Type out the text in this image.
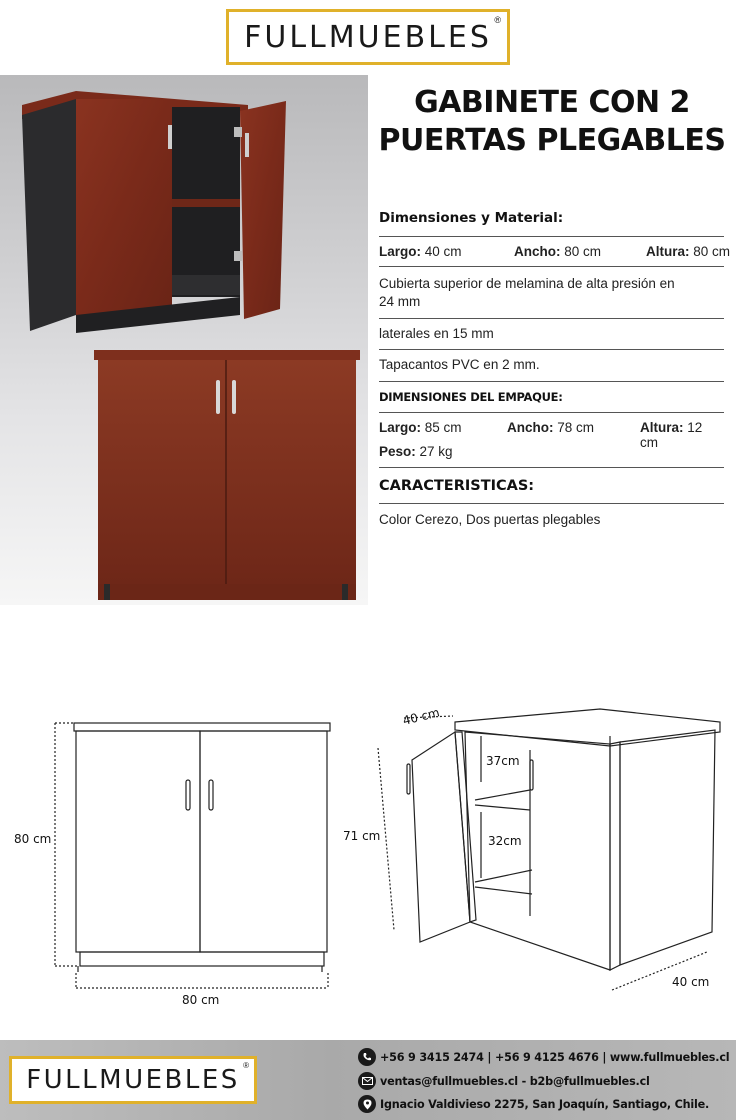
FULLMUEBLES ®
GABINETE CON 2
PUERTAS PLEGABLES
Dimensiones y Material:
Largo: 40 cm	Ancho: 80 cm	Altura: 80 cm
Cubierta superior de melamina de alta presión en
24 mm
laterales en 15 mm
Tapacantos PVC en 2 mm.
DIMENSIONES DEL EMPAQUE:
Largo: 85 cm	Ancho: 78 cm	Altura: 12 cm
Peso: 27 kg
CARACTERISTICAS:
Color Cerezo, Dos puertas plegables
80 cm
80 cm
40 cm
71 cm
37cm
32cm
40 cm
FULLMUEBLES ®
+56 9 3415 2474 | +56 9 4125 4676 | www.fullmuebles.cl
ventas@fullmuebles.cl - b2b@fullmuebles.cl
Ignacio Valdivieso 2275, San Joaquín, Santiago, Chile.
